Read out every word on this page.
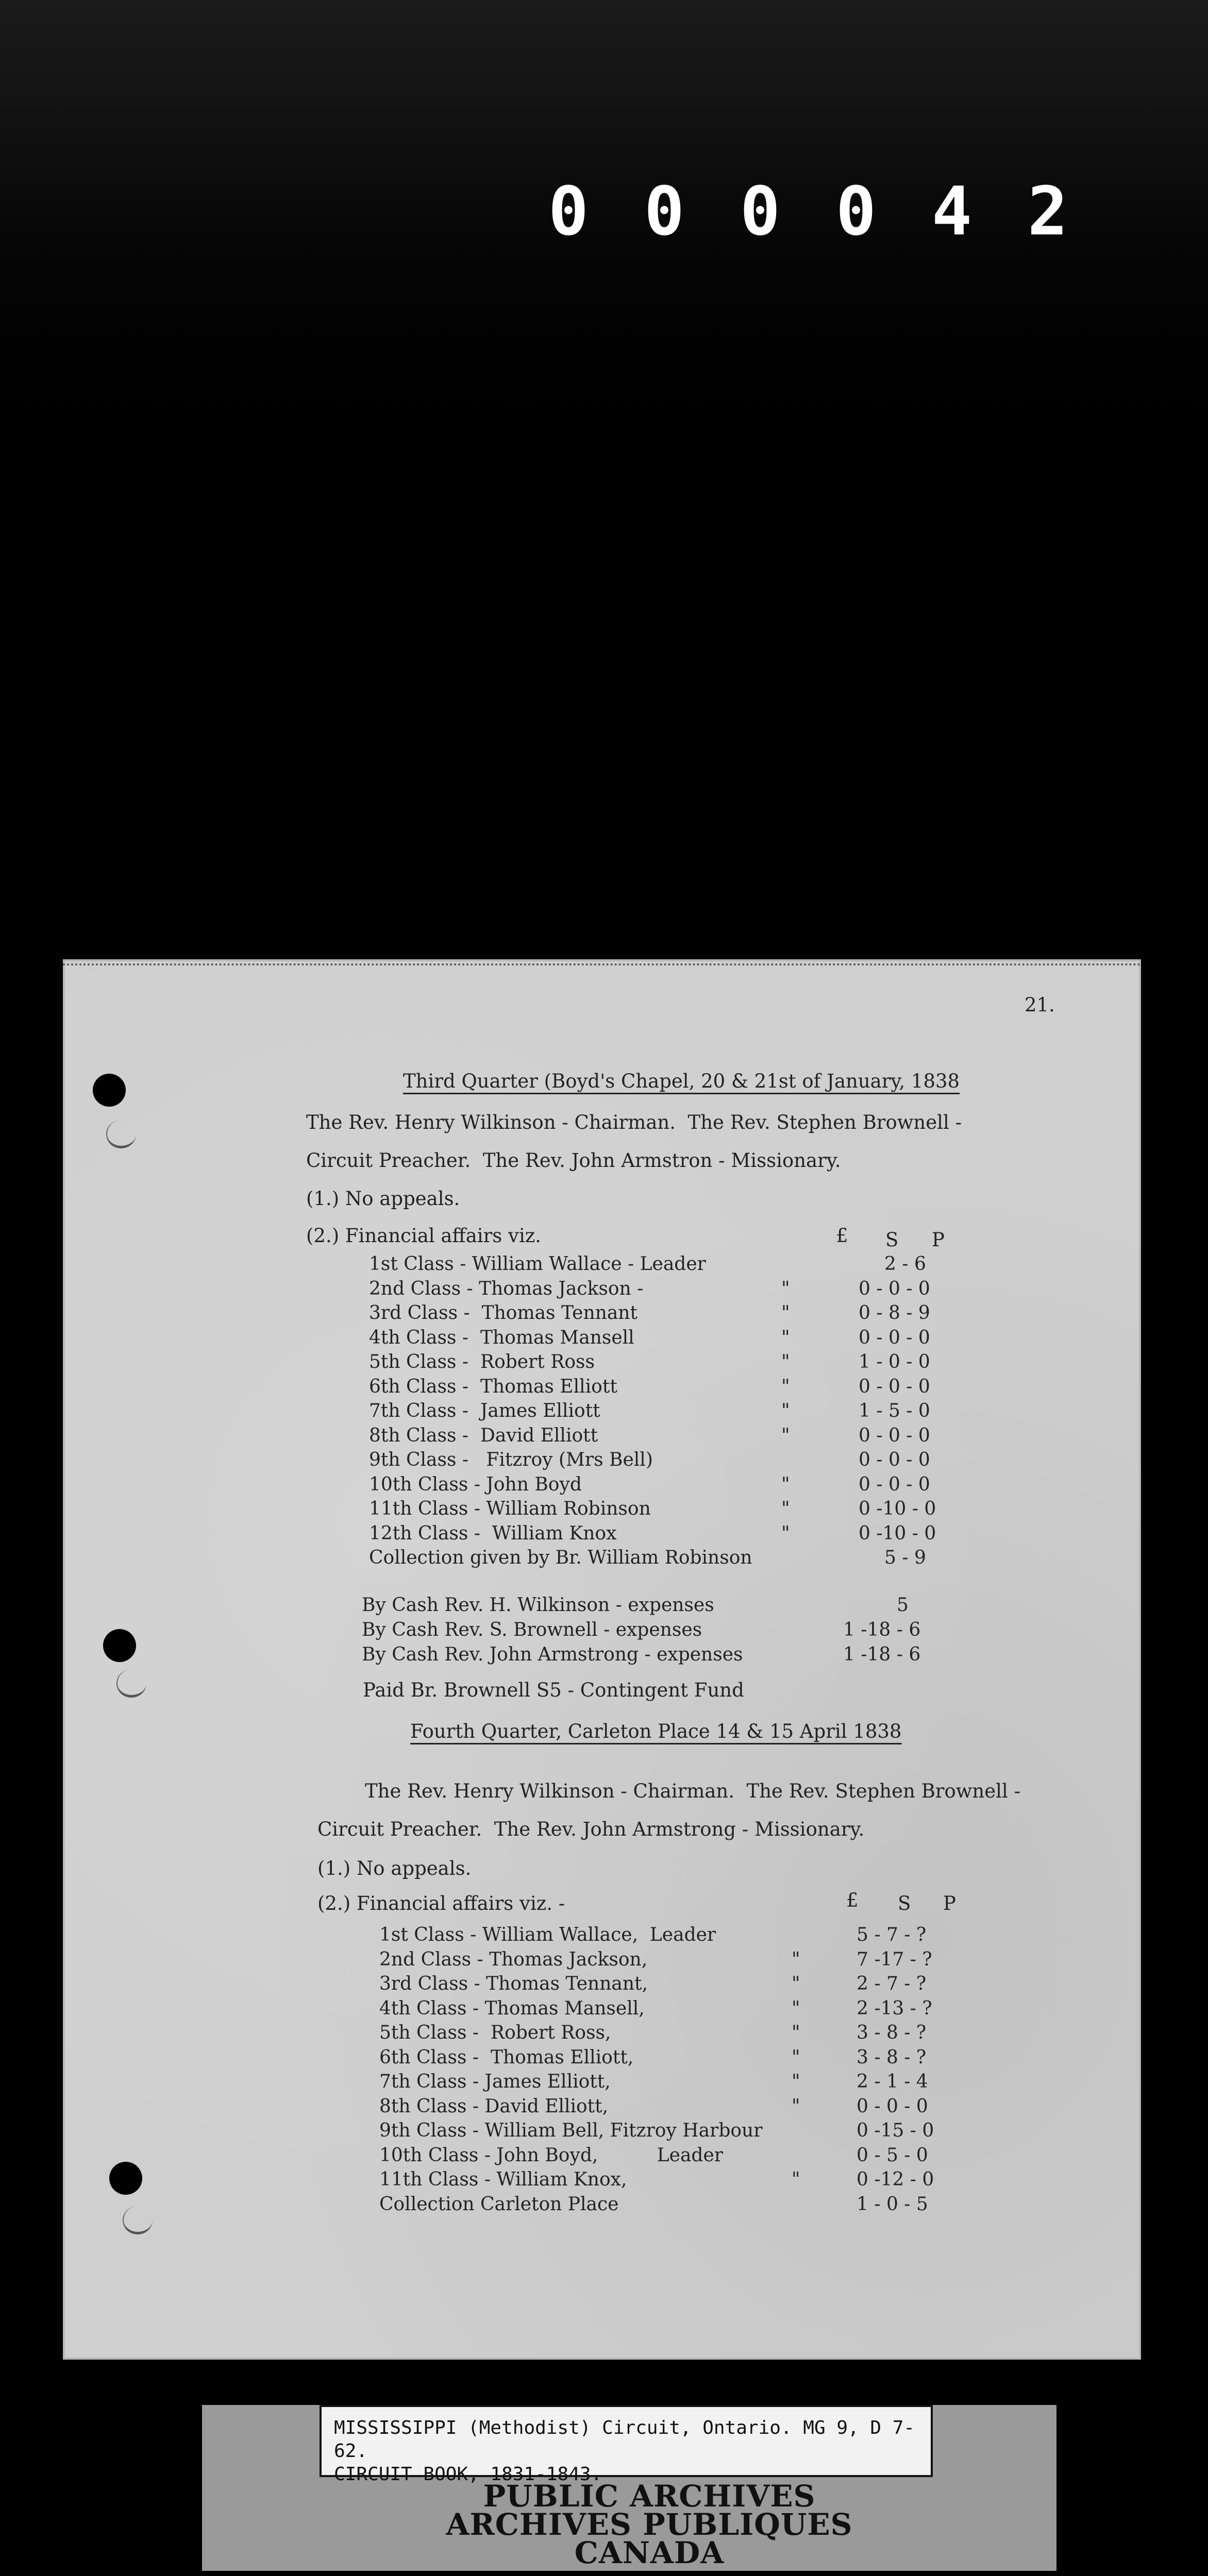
0 0 0 0 4 2
21.
Third Quarter (Boyd's Chapel, 20 & 21st of January, 1838
The Rev. Henry Wilkinson - Chairman.  The Rev. Stephen Brownell -
Circuit Preacher.  The Rev. John Armstron - Missionary.
(1.) No appeals.
(2.) Financial affairs viz.	£ S P
1st Class - William Wallace - Leader	2 - 6
2nd Class - Thomas Jackson -	"	0 - 0 - 0
3rd Class -  Thomas Tennant	"	0 - 8 - 9
4th Class -  Thomas Mansell	"	0 - 0 - 0
5th Class -  Robert Ross	"	1 - 0 - 0
6th Class -  Thomas Elliott	"	0 - 0 - 0
7th Class -  James Elliott	"	1 - 5 - 0
8th Class -  David Elliott	"	0 - 0 - 0
9th Class -   Fitzroy (Mrs Bell)	0 - 0 - 0
10th Class - John Boyd	"	0 - 0 - 0
11th Class - William Robinson	"	0 -10 - 0
12th Class -  William Knox	"	0 -10 - 0
Collection given by Br. William Robinson	5 - 9
By Cash Rev. H. Wilkinson - expenses	5
By Cash Rev. S. Brownell - expenses	1 -18 - 6
By Cash Rev. John Armstrong - expenses	1 -18 - 6
Paid Br. Brownell S5 - Contingent Fund
Fourth Quarter, Carleton Place 14 & 15 April 1838
The Rev. Henry Wilkinson - Chairman.  The Rev. Stephen Brownell -
Circuit Preacher.  The Rev. John Armstrong - Missionary.
(1.) No appeals.
(2.) Financial affairs viz. -	£ S P
1st Class - William Wallace,  Leader	5 - 7 - ?
2nd Class - Thomas Jackson,	"	7 -17 - ?
3rd Class - Thomas Tennant,	"	2 - 7 - ?
4th Class - Thomas Mansell,	"	2 -13 - ?
5th Class -  Robert Ross,	"	3 - 8 - ?
6th Class -  Thomas Elliott,	"	3 - 8 - ?
7th Class - James Elliott,	"	2 - 1 - 4
8th Class - David Elliott,	"	0 - 0 - 0
9th Class - William Bell, Fitzroy Harbour	0 -15 - 0
10th Class - John Boyd,          Leader	0 - 5 - 0
11th Class - William Knox,	"	0 -12 - 0
Collection Carleton Place	1 - 0 - 5
MISSISSIPPI (Methodist) Circuit, Ontario. MG 9, D 7-62.
CIRCUIT BOOK, 1831-1843.
PUBLIC ARCHIVES
ARCHIVES PUBLIQUES
CANADA
